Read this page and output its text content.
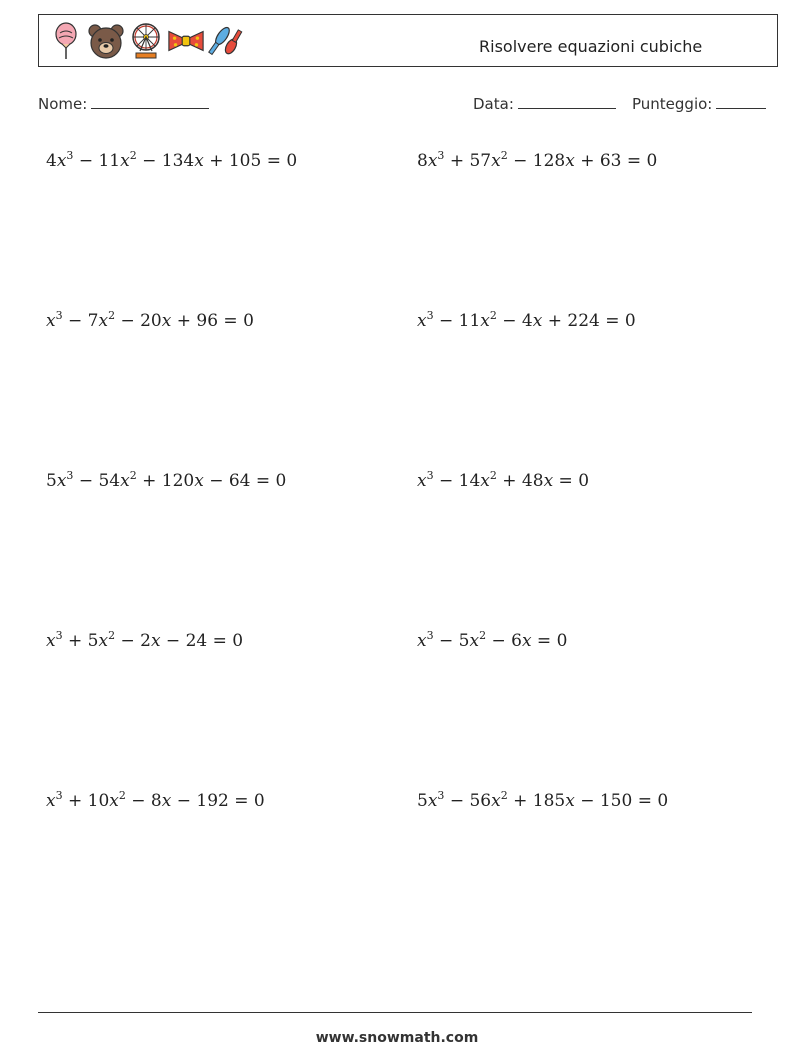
Risolvere equazioni cubiche
Nome:	Data:	Punteggio:
$4x^3 - 11x^2 - 134x + 105 = 0$	$8x^3 + 57x^2 - 128x + 63 = 0$
$x^3 - 7x^2 - 20x + 96 = 0$	$x^3 - 11x^2 - 4x + 224 = 0$
$5x^3 - 54x^2 + 120x - 64 = 0$	$x^3 - 14x^2 + 48x = 0$
$x^3 + 5x^2 - 2x - 24 = 0$	$x^3 - 5x^2 - 6x = 0$
$x^3 + 10x^2 - 8x - 192 = 0$	$5x^3 - 56x^2 + 185x - 150 = 0$
www.snowmath.com
